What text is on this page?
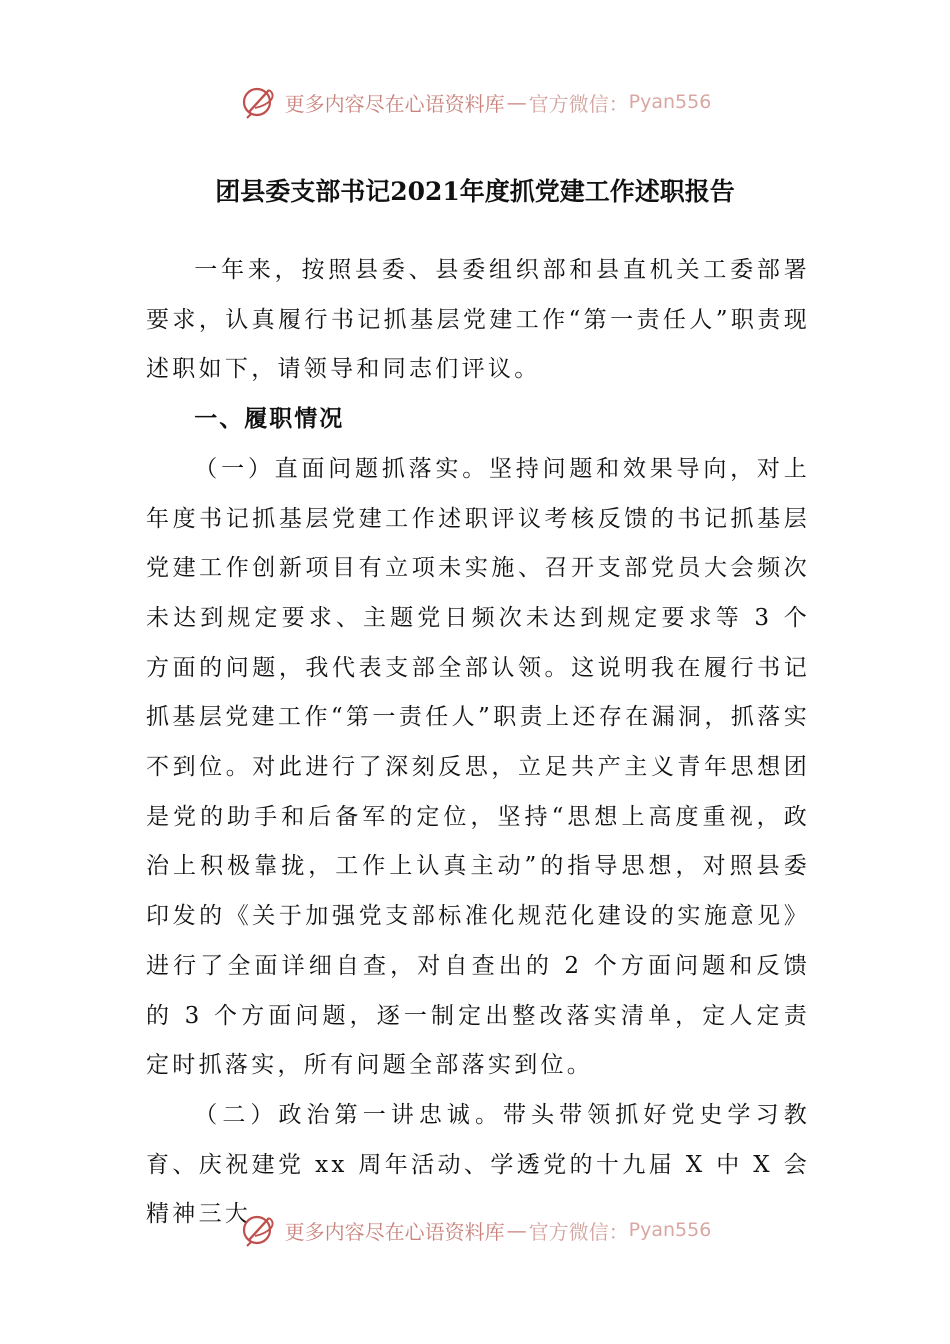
更多内容尽在心语资料库 — 官方微信： Pyan556
团县委支部书记2021年度抓党建工作述职报告

一年来，按照县委、县委组织部和县直机关工委部署要求，认真履行书记抓基层党建工作“第一责任人”职责现述职如下，请领导和同志们评议。

一、履职情况

（一）直面问题抓落实。坚持问题和效果导向，对上年度书记抓基层党建工作述职评议考核反馈的书记抓基层党建工作创新项目有立项未实施、召开支部党员大会频次未达到规定要求、主题党日频次未达到规定要求等 3 个方面的问题，我代表支部全部认领。这说明我在履行书记抓基层党建工作“第一责任人”职责上还存在漏洞，抓落实不到位。对此进行了深刻反思，立足共产主义青年思想团是党的助手和后备军的定位，坚持“思想上高度重视，政治上积极靠拢，工作上认真主动”的指导思想，对照县委印发的《关于加强党支部标准化规范化建设的实施意见》进行了全面详细自查，对自查出的 2 个方面问题和反馈的 3 个方面问题，逐一制定出整改落实清单，定人定责定时抓落实，所有问题全部落实到位。

（二）政治第一讲忠诚。带头带领抓好党史学习教育、庆祝建党 xx 周年活动、学透党的十九届 X 中 X 会精神三大

更多内容尽在心语资料库 — 官方微信： Pyan556
